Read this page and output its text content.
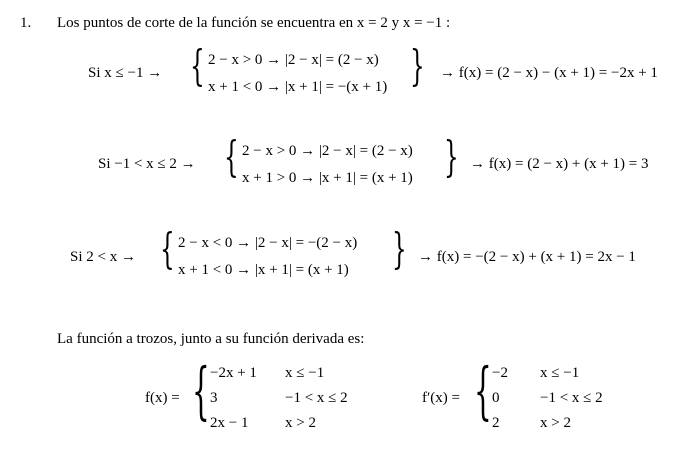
1. Los puntos de corte de la función se encuentra en x = 2 y x = −1 :
Si x ≤ −1 → { 2 − x > 0 → |2 − x| = (2 − x)
x + 1 < 0 → |x + 1| = −(x + 1) } → f(x) = (2 − x) − (x + 1) = −2x + 1
Si −1 < x ≤ 2 → { 2 − x > 0 → |2 − x| = (2 − x)
x + 1 > 0 → |x + 1| = (x + 1) } → f(x) = (2 − x) + (x + 1) = 3
Si 2 < x → { 2 − x < 0 → |2 − x| = −(2 − x)
x + 1 < 0 → |x + 1| = (x + 1) } → f(x) = −(2 − x) + (x + 1) = 2x − 1
La función a trozos, junto a su función derivada es:
f(x) = { −2x + 1 x ≤ −1
3	−1 < x ≤ 2
2x − 1 x > 2
f′(x) = { −2 x ≤ −1
0	−1 < x ≤ 2
2	x > 2
